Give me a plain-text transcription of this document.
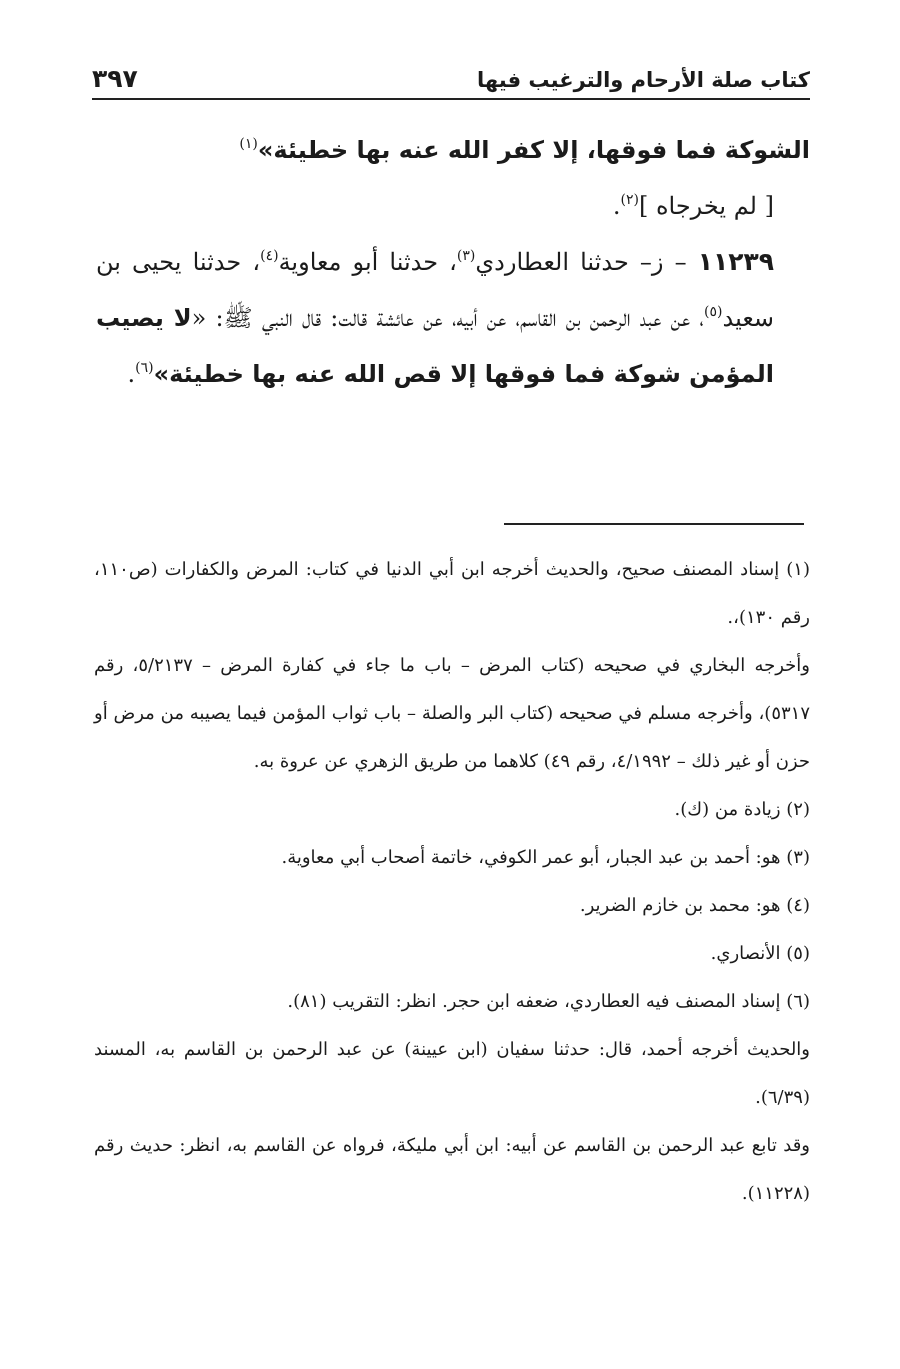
كتاب صلة الأرحام والترغيب فيها
٣٩٧

الشوكة فما فوقها، إلا كفر الله عنه بها خطيئة»$^{(١)}$

[ لم يخرجاه ]$^{(٢)}$.

١١٢٣٩ – ز– حدثنا العطاردي$^{(٣)}$، حدثنا أبو معاوية$^{(٤)}$، حدثنا يحيى بن سعيد$^{(٥)}$، عن عبد الرحمن بن القاسم، عن أبيه، عن عائشة قالت: قال النبي ﷺ: «لا يصيب المؤمن شوكة فما فوقها إلا قص الله عنه بها خطيئة»$^{(٦)}$.

(١) إسناد المصنف صحيح، والحديث أخرجه ابن أبي الدنيا في كتاب: المرض والكفارات (ص١١٠، رقم ١٣٠)،.

وأخرجه البخاري في صحيحه (كتاب المرض – باب ما جاء في كفارة المرض – ٥/٢١٣٧، رقم ٥٣١٧)، وأخرجه مسلم في صحيحه (كتاب البر والصلة – باب ثواب المؤمن فيما يصيبه من مرض أو حزن أو غير ذلك – ٤/١٩٩٢، رقم ٤٩) كلاهما من طريق الزهري عن عروة به.

(٢) زيادة من (ك).

(٣) هو: أحمد بن عبد الجبار، أبو عمر الكوفي، خاتمة أصحاب أبي معاوية.

(٤) هو: محمد بن خازم الضرير.

(٥) الأنصاري.

(٦) إسناد المصنف فيه العطاردي، ضعفه ابن حجر. انظر: التقريب (٨١).

والحديث أخرجه أحمد، قال: حدثنا سفيان (ابن عيينة) عن عبد الرحمن بن القاسم به، المسند (٦/٣٩).

وقد تابع عبد الرحمن بن القاسم عن أبيه: ابن أبي مليكة، فرواه عن القاسم به، انظر: حديث رقم (١١٢٢٨).
